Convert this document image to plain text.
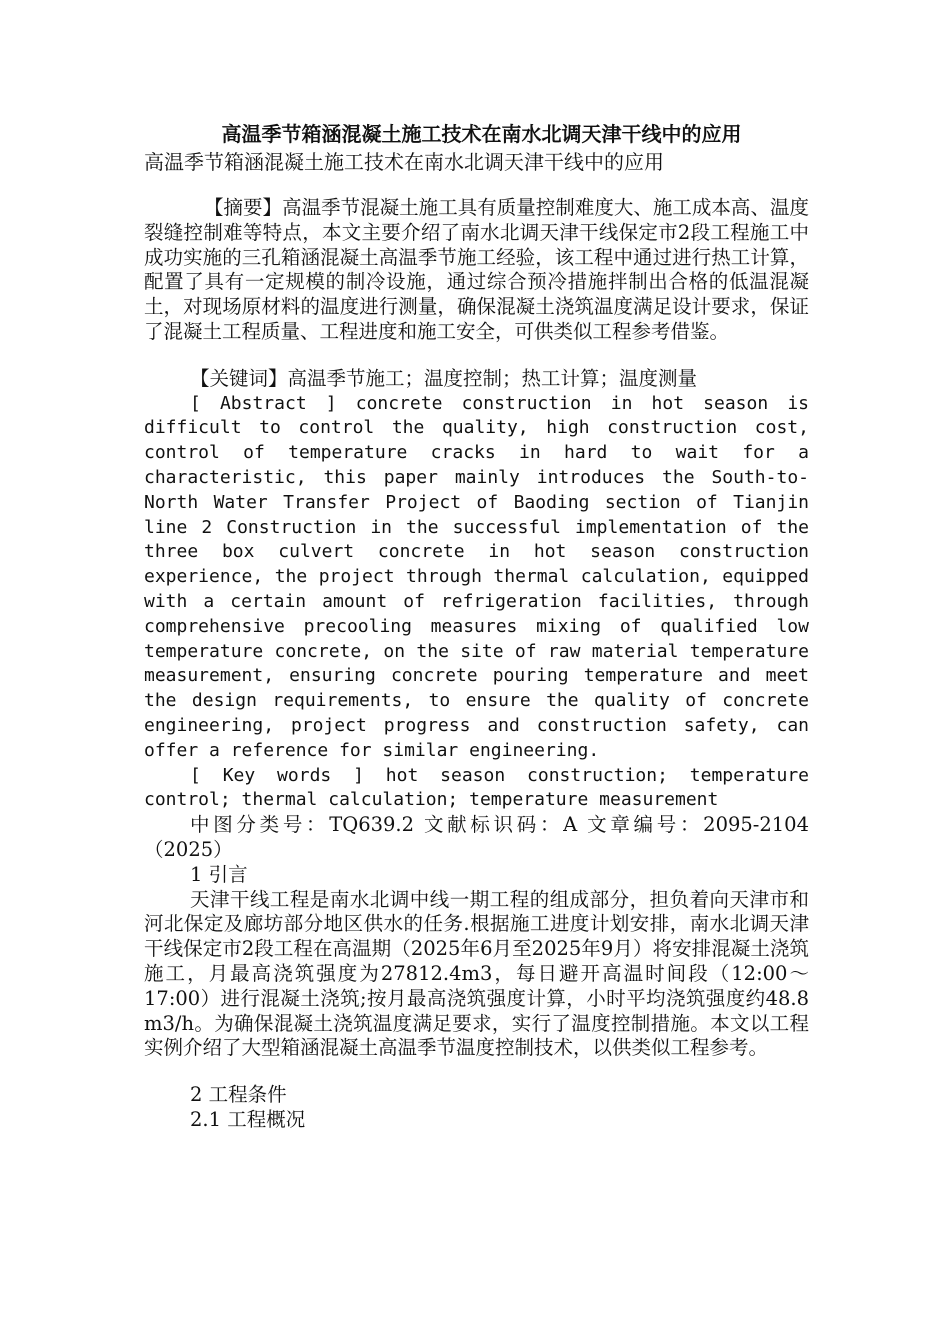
高温季节箱涵混凝土施工技术在南水北调天津干线中的应用
高温季节箱涵混凝土施工技术在南水北调天津干线中的应用

【摘要】高温季节混凝土施工具有质量控制难度大、施工成本高、温度裂缝控制难等特点，本文主要介绍了南水北调天津干线保定市2段工程施工中成功实施的三孔箱涵混凝土高温季节施工经验，该工程中通过进行热工计算，配置了具有一定规模的制冷设施，通过综合预冷措施拌制出合格的低温混凝土，对现场原材料的温度进行测量，确保混凝土浇筑温度满足设计要求，保证了混凝土工程质量、工程进度和施工安全，可供类似工程参考借鉴。

【关键词】高温季节施工；温度控制；热工计算；温度测量

[ Abstract ] concrete construction in hot season is difficult to control the quality, high construction cost, control of temperature cracks in hard to wait for a characteristic, this paper mainly introduces the South-to-North Water Transfer Project of Baoding section of Tianjin line 2 Construction in the successful implementation of the three box culvert concrete in hot season construction experience, the project through thermal calculation, equipped with a certain amount of refrigeration facilities, through comprehensive precooling measures mixing of qualified low temperature concrete, on the site of raw material temperature measurement, ensuring concrete pouring temperature and meet the design requirements, to ensure the quality of concrete engineering, project progress and construction safety, can offer a reference for similar engineering.

[ Key words ] hot season construction; temperature control; thermal calculation; temperature measurement

中图分类号：TQ639.2 文献标识码：A 文章编号：2095-2104（2025）

1 引言

天津干线工程是南水北调中线一期工程的组成部分，担负着向天津市和河北保定及廊坊部分地区供水的任务.根据施工进度计划安排，南水北调天津干线保定市2段工程在高温期（2025年6月至2025年9月）将安排混凝土浇筑施工，月最高浇筑强度为27812.4m3，每日避开高温时间段（12:00～17:00）进行混凝土浇筑;按月最高浇筑强度计算，小时平均浇筑强度约48.8 m3/h。为确保混凝土浇筑温度满足要求，实行了温度控制措施。本文以工程实例介绍了大型箱涵混凝土高温季节温度控制技术，以供类似工程参考。

2 工程条件

2.1 工程概况
